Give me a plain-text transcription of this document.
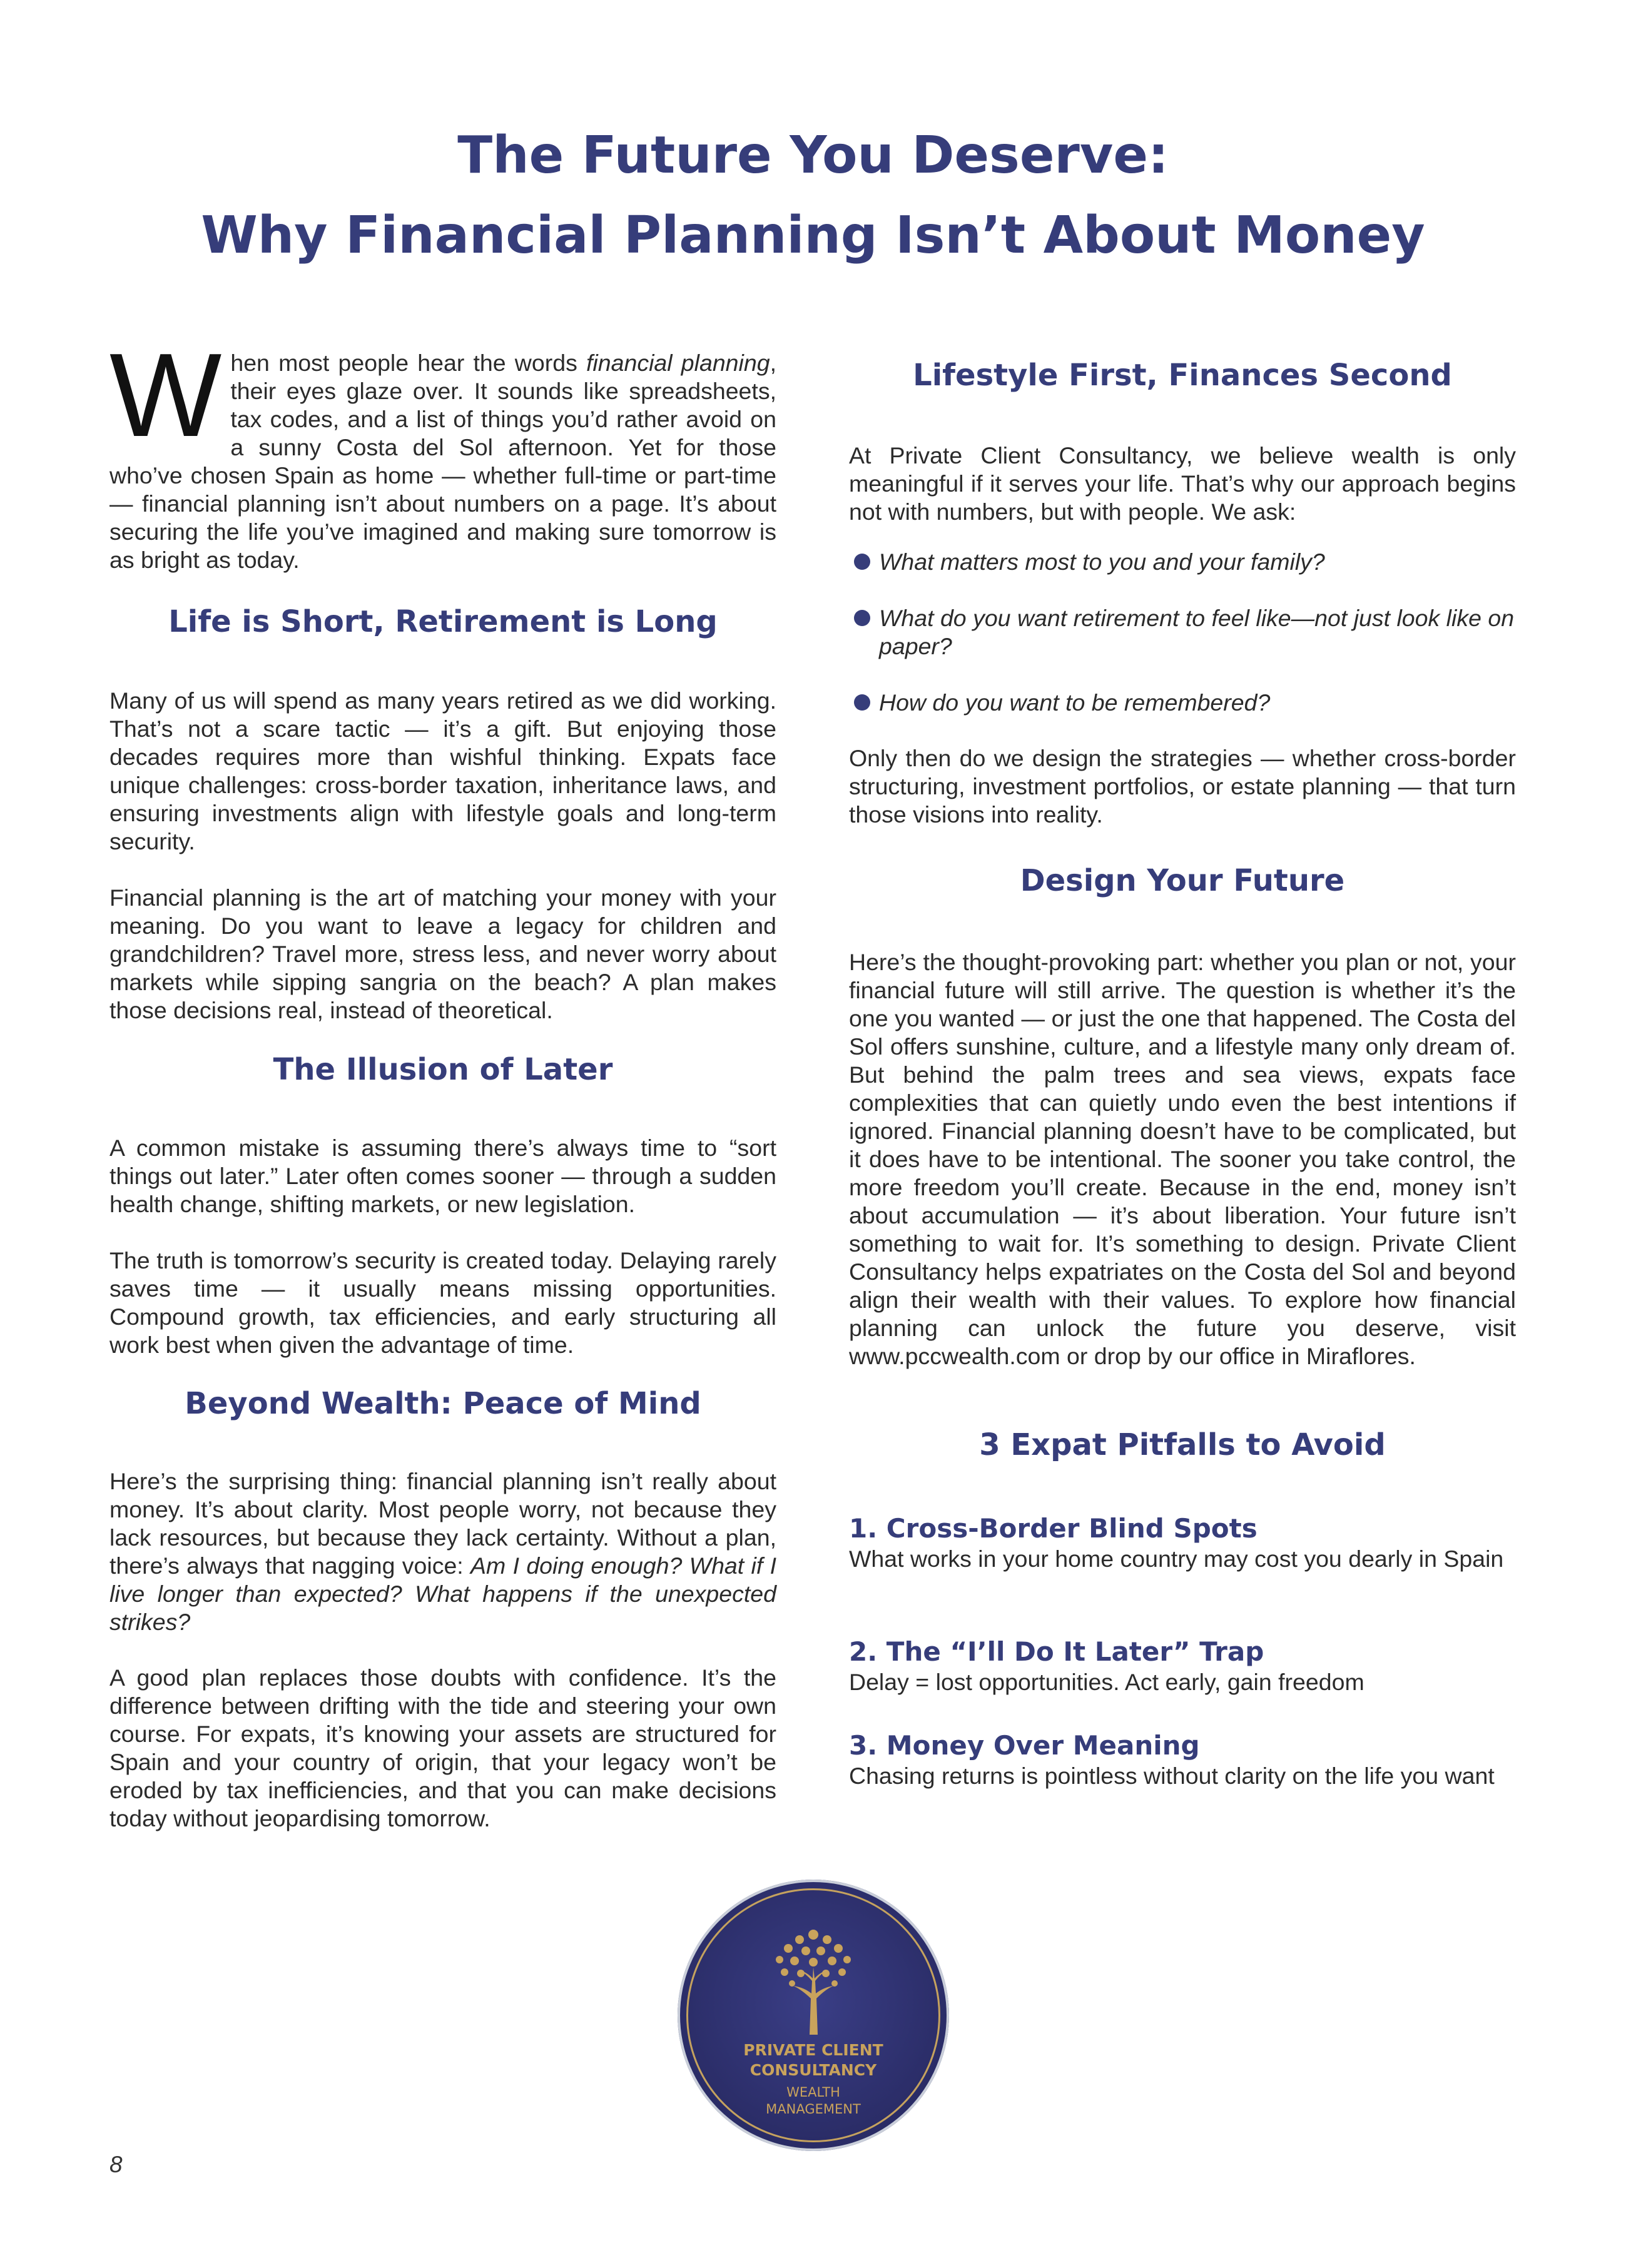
The Future You Deserve:
Why Financial Planning Isn’t About Money

When most people hear the words financial planning, their eyes glaze over. It sounds like spreadsheets, tax codes, and a list of things you’d rather avoid on a sunny Costa del Sol afternoon. Yet for those who’ve chosen Spain as home — whether full-time or part-time — financial planning isn’t about numbers on a page. It’s about securing the life you’ve imagined and making sure tomorrow is as bright as today.

Life is Short, Retirement is Long

Many of us will spend as many years retired as we did working. That’s not a scare tactic — it’s a gift. But enjoying those decades requires more than wishful thinking. Expats face unique challenges: cross-border taxation, inheritance laws, and ensuring investments align with lifestyle goals and long-term security.

Financial planning is the art of matching your money with your meaning. Do you want to leave a legacy for children and grandchildren? Travel more, stress less, and never worry about markets while sipping sangria on the beach? A plan makes those decisions real, instead of theoretical.

The Illusion of Later

A common mistake is assuming there’s always time to “sort things out later.” Later often comes sooner — through a sudden health change, shifting markets, or new legislation.

The truth is tomorrow’s security is created today. Delaying rarely saves time — it usually means missing opportunities. Compound growth, tax efficiencies, and early structuring all work best when given the advantage of time.

Beyond Wealth: Peace of Mind

Here’s the surprising thing: financial planning isn’t really about money. It’s about clarity. Most people worry, not because they lack resources, but because they lack certainty. Without a plan, there’s always that nagging voice: Am I doing enough? What if I live longer than expected? What happens if the unexpected strikes?

A good plan replaces those doubts with confidence. It’s the difference between drifting with the tide and steering your own course. For expats, it’s knowing your assets are structured for Spain and your country of origin, that your legacy won’t be eroded by tax inefficiencies, and that you can make decisions today without jeopardising tomorrow.

Lifestyle First, Finances Second

At Private Client Consultancy, we believe wealth is only meaningful if it serves your life. That’s why our approach begins not with numbers, but with people. We ask:

What matters most to you and your family?
What do you want retirement to feel like—not just look like on paper?
How do you want to be remembered?

Only then do we design the strategies — whether cross-border structuring, investment portfolios, or estate planning — that turn those visions into reality.

Design Your Future

Here’s the thought-provoking part: whether you plan or not, your financial future will still arrive. The question is whether it’s the one you wanted — or just the one that happened. The Costa del Sol offers sunshine, culture, and a lifestyle many only dream of. But behind the palm trees and sea views, expats face complexities that can quietly undo even the best intentions if ignored. Financial planning doesn’t have to be complicated, but it does have to be intentional. The sooner you take control, the more freedom you’ll create. Because in the end, money isn’t about accumulation — it’s about liberation. Your future isn’t something to wait for. It’s something to design. Private Client Consultancy helps expatriates on the Costa del Sol and beyond align their wealth with their values. To explore how financial planning can unlock the future you deserve, visit www.pccwealth.com or drop by our office in Miraflores.

3 Expat Pitfalls to Avoid
1. Cross-Border Blind Spots

What works in your home country may cost you dearly in Spain

2. The “I’ll Do It Later” Trap

Delay = lost opportunities. Act early, gain freedom

3. Money Over Meaning

Chasing returns is pointless without clarity on the life you want

PRIVATE CLIENT
CONSULTANCY
WEALTH
MANAGEMENT
8
